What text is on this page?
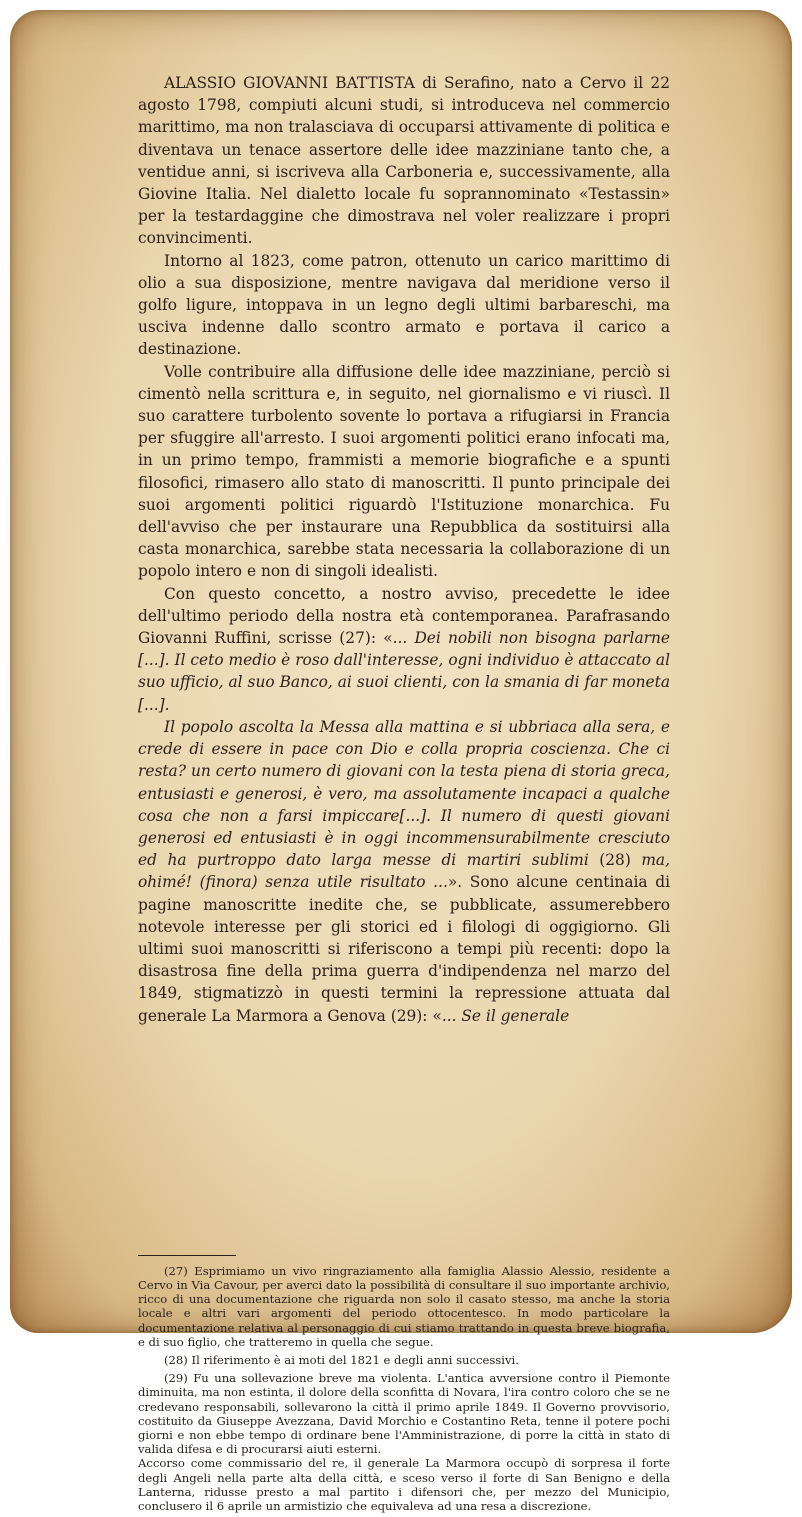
ALASSIO GIOVANNI BATTISTA di Serafino, nato a Cervo il 22 agosto 1798, compiuti alcuni studi, si introduceva nel commercio marittimo, ma non tralasciava di occuparsi attivamente di politica e diventava un tenace assertore delle idee mazziniane tanto che, a ventidue anni, si iscriveva alla Carboneria e, successivamente, alla Giovine Italia. Nel dialetto locale fu soprannominato «Testassin» per la testardaggine che dimostrava nel voler realizzare i propri convincimenti.

Intorno al 1823, come patron, ottenuto un carico marittimo di olio a sua disposizione, mentre navigava dal meridione verso il golfo ligure, intoppava in un legno degli ultimi barbareschi, ma usciva indenne dallo scontro armato e portava il carico a destinazione.

Volle contribuire alla diffusione delle idee mazziniane, perciò si cimentò nella scrittura e, in seguito, nel giornalismo e vi riuscì. Il suo carattere turbolento sovente lo portava a rifugiarsi in Francia per sfuggire all'arresto. I suoi argomenti politici erano infocati ma, in un primo tempo, frammisti a memorie biografiche e a spunti filosofici, rimasero allo stato di manoscritti. Il punto principale dei suoi argomenti politici riguardò l'Istituzione monarchica. Fu dell'avviso che per instaurare una Repubblica da sostituirsi alla casta monarchica, sarebbe stata necessaria la collaborazione di un popolo intero e non di singoli idealisti.

Con questo concetto, a nostro avviso, precedette le idee dell'ultimo periodo della nostra età contemporanea. Parafrasando Giovanni Ruffini, scrisse (27): «... Dei nobili non bisogna parlarne [...]. Il ceto medio è roso dall'interesse, ogni individuo è attaccato al suo ufficio, al suo Banco, ai suoi clienti, con la smania di far moneta [...].

Il popolo ascolta la Messa alla mattina e si ubbriaca alla sera, e crede di essere in pace con Dio e colla propria coscienza. Che ci resta? un certo numero di giovani con la testa piena di storia greca, entusiasti e generosi, è vero, ma assolutamente incapaci a qualche cosa che non a farsi impiccare[...]. Il numero di questi giovani generosi ed entusiasti è in oggi incommensurabilmente cresciuto ed ha purtroppo dato larga messe di martiri sublimi (28) ma, ohimé! (finora) senza utile risultato ...». Sono alcune centinaia di pagine manoscritte inedite che, se pubblicate, assumerebbero notevole interesse per gli storici ed i filologi di oggigiorno. Gli ultimi suoi manoscritti si riferiscono a tempi più recenti: dopo la disastrosa fine della prima guerra d'indipendenza nel marzo del 1849, stigmatizzò in questi termini la repressione attuata dal generale La Marmora a Genova (29): «... Se il generale

(27) Esprimiamo un vivo ringraziamento alla famiglia Alassio Alessio, residente a Cervo in Via Cavour, per averci dato la possibilità di consultare il suo importante archivio, ricco di una documentazione che riguarda non solo il casato stesso, ma anche la storia locale e altri vari argomenti del periodo ottocentesco. In modo particolare la documentazione relativa al personaggio di cui stiamo trattando in questa breve biografia, e di suo figlio, che tratteremo in quella che segue.

(28) Il riferimento è ai moti del 1821 e degli anni successivi.

(29) Fu una sollevazione breve ma violenta. L'antica avversione contro il Piemonte diminuita, ma non estinta, il dolore della sconfitta di Novara, l'ira contro coloro che se ne credevano responsabili, sollevarono la città il primo aprile 1849. Il Governo provvisorio, costituito da Giuseppe Avezzana, David Morchio e Costantino Reta, tenne il potere pochi giorni e non ebbe tempo di ordinare bene l'Amministrazione, di porre la città in stato di valida difesa e di procurarsi aiuti esterni.

Accorso come commissario del re, il generale La Marmora occupò di sorpresa il forte degli Angeli nella parte alta della città, e sceso verso il forte di San Benigno e della Lanterna, ridusse presto a mal partito i difensori che, per mezzo del Municipio, conclusero il 6 aprile un armistizio che equivaleva ad una resa a discrezione.
